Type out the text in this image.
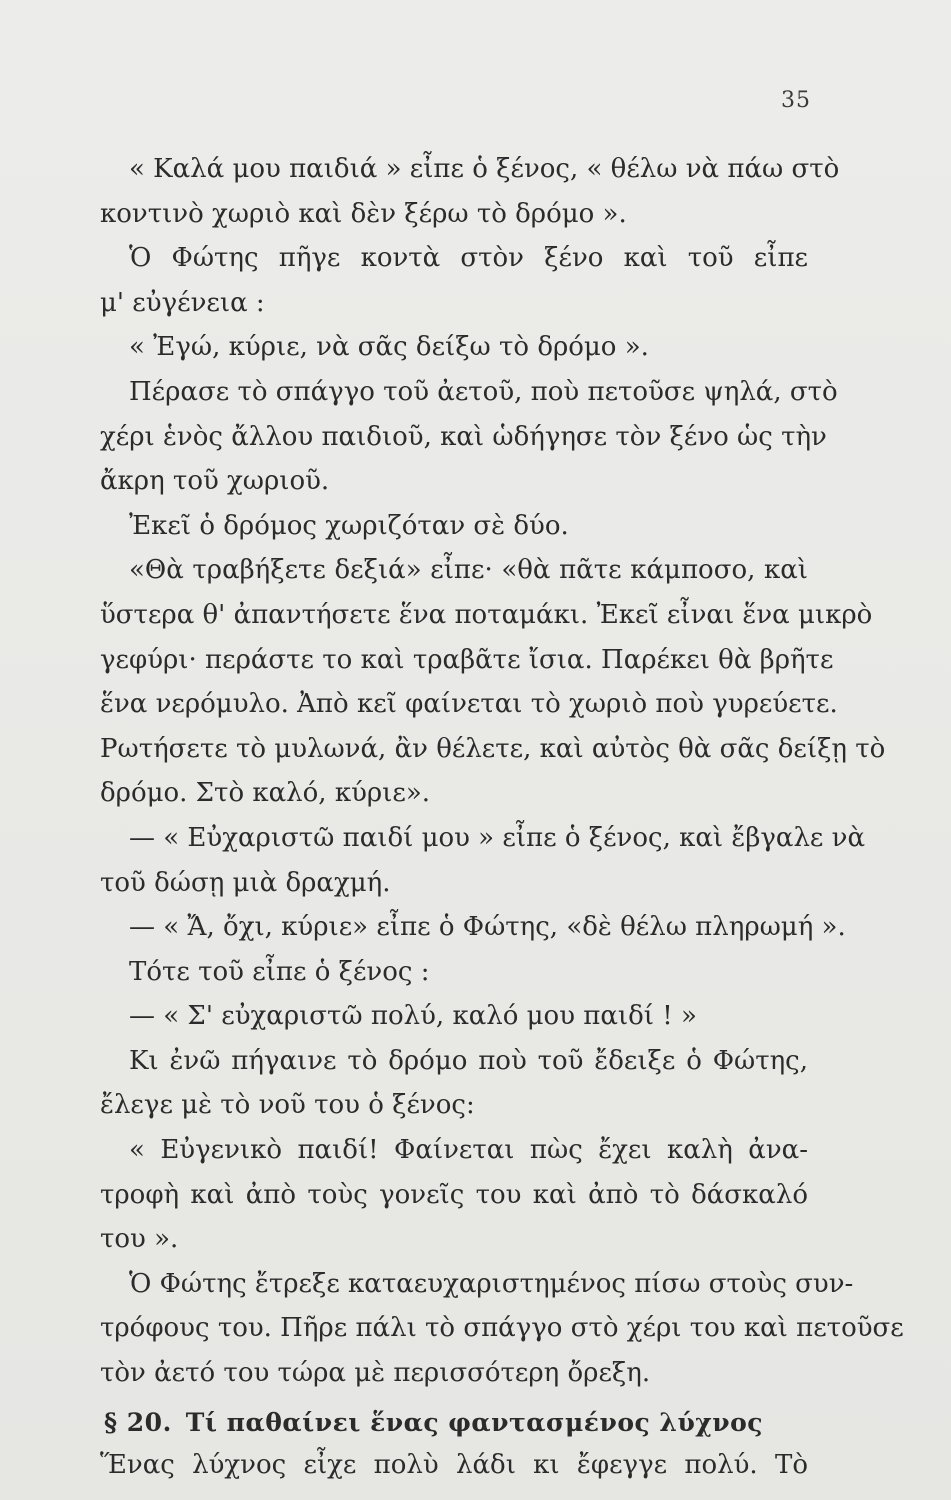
35
« Καλά μου παιδιά » εἶπε ὁ ξένος, « θέλω νὰ πάω στὸ
κοντινὸ χωριὸ καὶ δὲν ξέρω τὸ δρόμο ».
Ὁ Φώτης πῆγε κοντὰ στὸν ξένο καὶ τοῦ εἶπε
μ' εὐγένεια :
« Ἐγώ, κύριε, νὰ σᾶς δείξω τὸ δρόμο ».
Πέρασε τὸ σπάγγο τοῦ ἀετοῦ, ποὺ πετοῦσε ψηλά, στὸ
χέρι ἑνὸς ἄλλου παιδιοῦ, καὶ ὡδήγησε τὸν ξένο ὡς τὴν
ἄκρη τοῦ χωριοῦ.
Ἐκεῖ ὁ δρόμος χωριζόταν σὲ δύο.
«Θὰ τραβήξετε δεξιά» εἶπε· «θὰ πᾶτε κάμποσο, καὶ
ὕστερα θ' ἀπαντήσετε ἕνα ποταμάκι. Ἐκεῖ εἶναι ἕνα μικρὸ
γεφύρι· περάστε το καὶ τραβᾶτε ἴσια. Παρέκει θὰ βρῆτε
ἕνα νερόμυλο. Ἀπὸ κεῖ φαίνεται τὸ χωριὸ ποὺ γυρεύετε.
Ρωτήσετε τὸ μυλωνά, ἂν θέλετε, καὶ αὐτὸς θὰ σᾶς δείξῃ τὸ
δρόμο. Στὸ καλό, κύριε».
— « Εὐχαριστῶ παιδί μου » εἶπε ὁ ξένος, καὶ ἔβγαλε νὰ
τοῦ δώσῃ μιὰ δραχμή.
— « Ἄ, ὄχι, κύριε» εἶπε ὁ Φώτης, «δὲ θέλω πληρωμή ».
Τότε τοῦ εἶπε ὁ ξένος :
— « Σ' εὐχαριστῶ πολύ, καλό μου παιδί ! »
Κι ἐνῶ πήγαινε τὸ δρόμο ποὺ τοῦ ἔδειξε ὁ Φώτης,
ἔλεγε μὲ τὸ νοῦ του ὁ ξένος:
« Εὐγενικὸ παιδί! Φαίνεται πὼς ἔχει καλὴ ἀνα-
τροφὴ καὶ ἀπὸ τοὺς γονεῖς του καὶ ἀπὸ τὸ δάσκαλό
του ».
Ὁ Φώτης ἔτρεξε καταευχαριστημένος πίσω στοὺς συν-
τρόφους του. Πῆρε πάλι τὸ σπάγγο στὸ χέρι του καὶ πετοῦσε
τὸν ἀετό του τώρα μὲ περισσότερη ὄρεξη.
§ 20. Τί παθαίνει ἕνας φαντασμένος λύχνος
Ἕνας λύχνος εἶχε πολὺ λάδι κι ἔφεγγε πολύ. Τὸ
